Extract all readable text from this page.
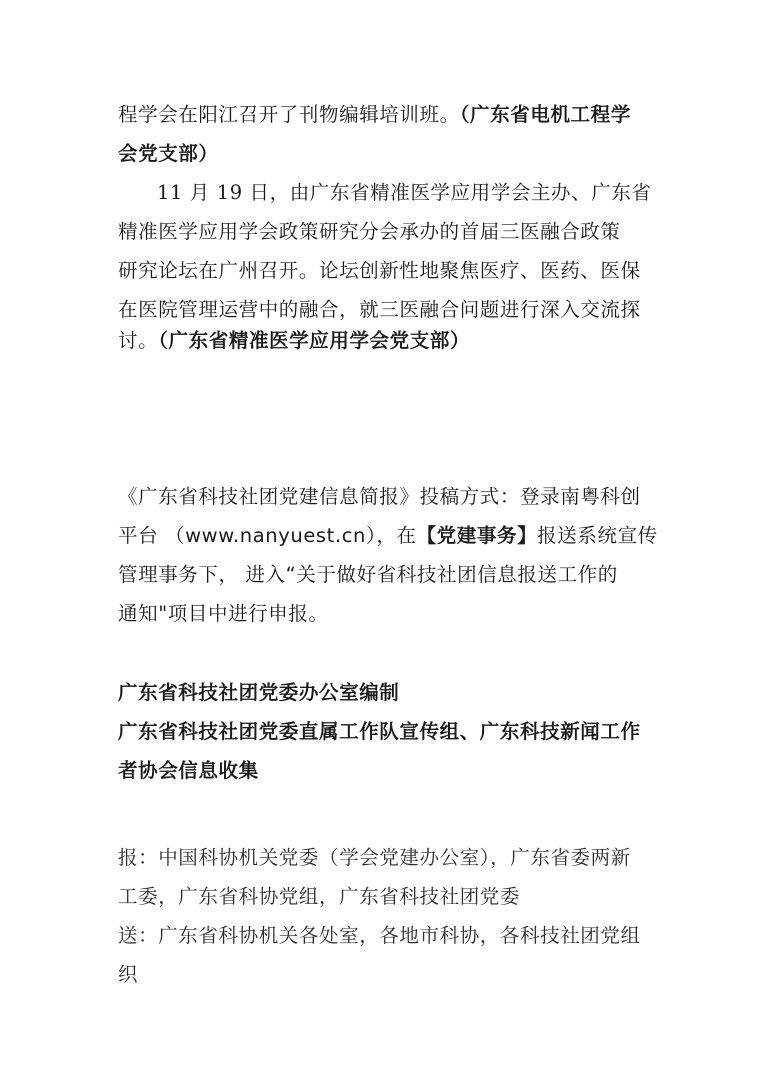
程学会在阳江召开了刊物编辑培训班。（广东省电机工程学
会党支部）
11 月 19 日，由广东省精准医学应用学会主办、广东省
精准医学应用学会政策研究分会承办的首届三医融合政策
研究论坛在广州召开。论坛创新性地聚焦医疗、医药、医保
在医院管理运营中的融合，就三医融合问题进行深入交流探
讨。（广东省精准医学应用学会党支部）
《广东省科技社团党建信息简报》投稿方式：登录南粤科创
平台 （www.nanyuest.cn），在【党建事务】报送系统宣传
管理事务下， 进入“关于做好省科技社团信息报送工作的
通知"项目中进行申报。
广东省科技社团党委办公室编制
广东省科技社团党委直属工作队宣传组、广东科技新闻工作
者协会信息收集
报：中国科协机关党委（学会党建办公室），广东省委两新
工委，广东省科协党组，广东省科技社团党委
送：广东省科协机关各处室，各地市科协，各科技社团党组
织
